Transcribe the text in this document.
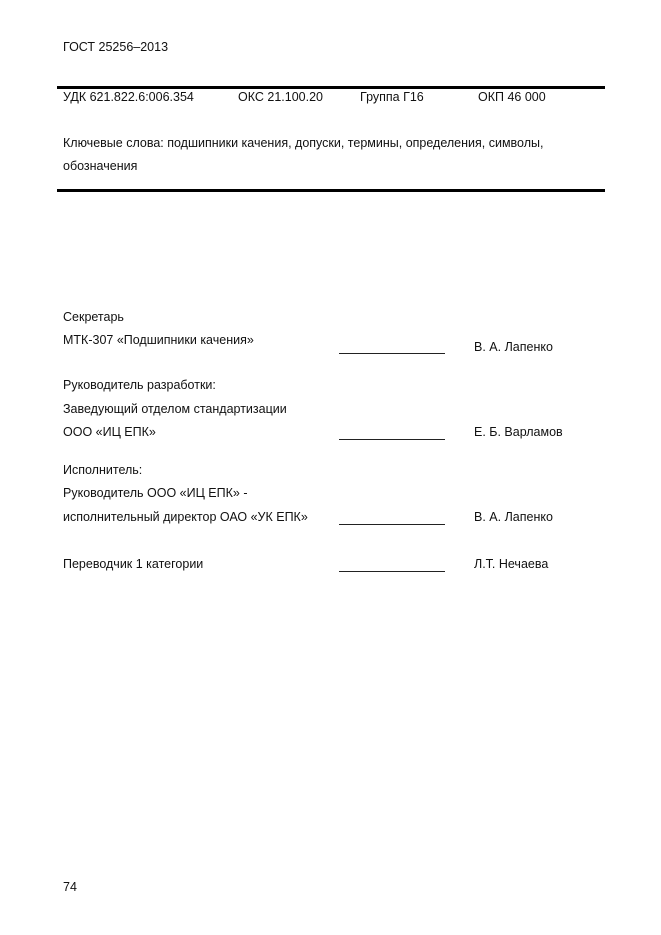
ГОСТ 25256–2013
УДК 621.822.6:006.354	ОКС 21.100.20	Группа Г16	ОКП 46 000
Ключевые слова: подшипники качения, допуски, термины, определения, символы,
обозначения
Секретарь
МТК-307 «Подшипники качения»	В. А. Лапенко
Руководитель разработки:
Заведующий отделом стандартизации
ООО «ИЦ ЕПК»	Е. Б. Варламов
Исполнитель:
Руководитель ООО «ИЦ ЕПК» -
исполнительный директор ОАО «УК ЕПК»	В. А. Лапенко
Переводчик 1 категории	Л.Т. Нечаева
74
